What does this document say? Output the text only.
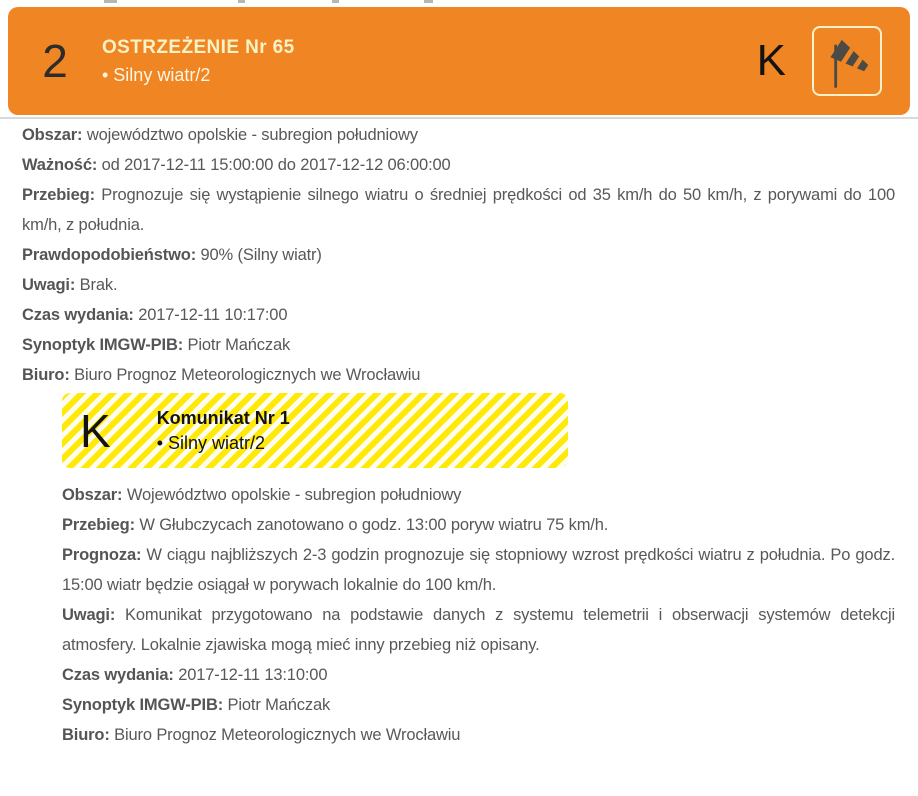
2	OSTRZEŻENIE Nr 65
• Silny wiatr/2	K

Obszar: województwo opolskie - subregion południowy

Ważność: od 2017-12-11 15:00:00 do 2017-12-12 06:00:00

Przebieg: Prognozuje się wystąpienie silnego wiatru o średniej prędkości od 35 km/h do 50 km/h, z porywami do 100 km/h, z południa.

Prawdopodobieństwo: 90% (Silny wiatr)

Uwagi: Brak.

Czas wydania: 2017-12-11 10:17:00

Synoptyk IMGW-PIB: Piotr Mańczak

Biuro: Biuro Prognoz Meteorologicznych we Wrocławiu

K	Komunikat Nr 1
• Silny wiatr/2

Obszar: Województwo opolskie - subregion południowy

Przebieg: W Głubczycach zanotowano o godz. 13:00 poryw wiatru 75 km/h.

Prognoza: W ciągu najbliższych 2-3 godzin prognozuje się stopniowy wzrost prędkości wiatru z południa. Po godz. 15:00 wiatr będzie osiągał w porywach lokalnie do 100 km/h.

Uwagi: Komunikat przygotowano na podstawie danych z systemu telemetrii i obserwacji systemów detekcji atmosfery. Lokalnie zjawiska mogą mieć inny przebieg niż opisany.

Czas wydania: 2017-12-11 13:10:00

Synoptyk IMGW-PIB: Piotr Mańczak

Biuro: Biuro Prognoz Meteorologicznych we Wrocławiu
